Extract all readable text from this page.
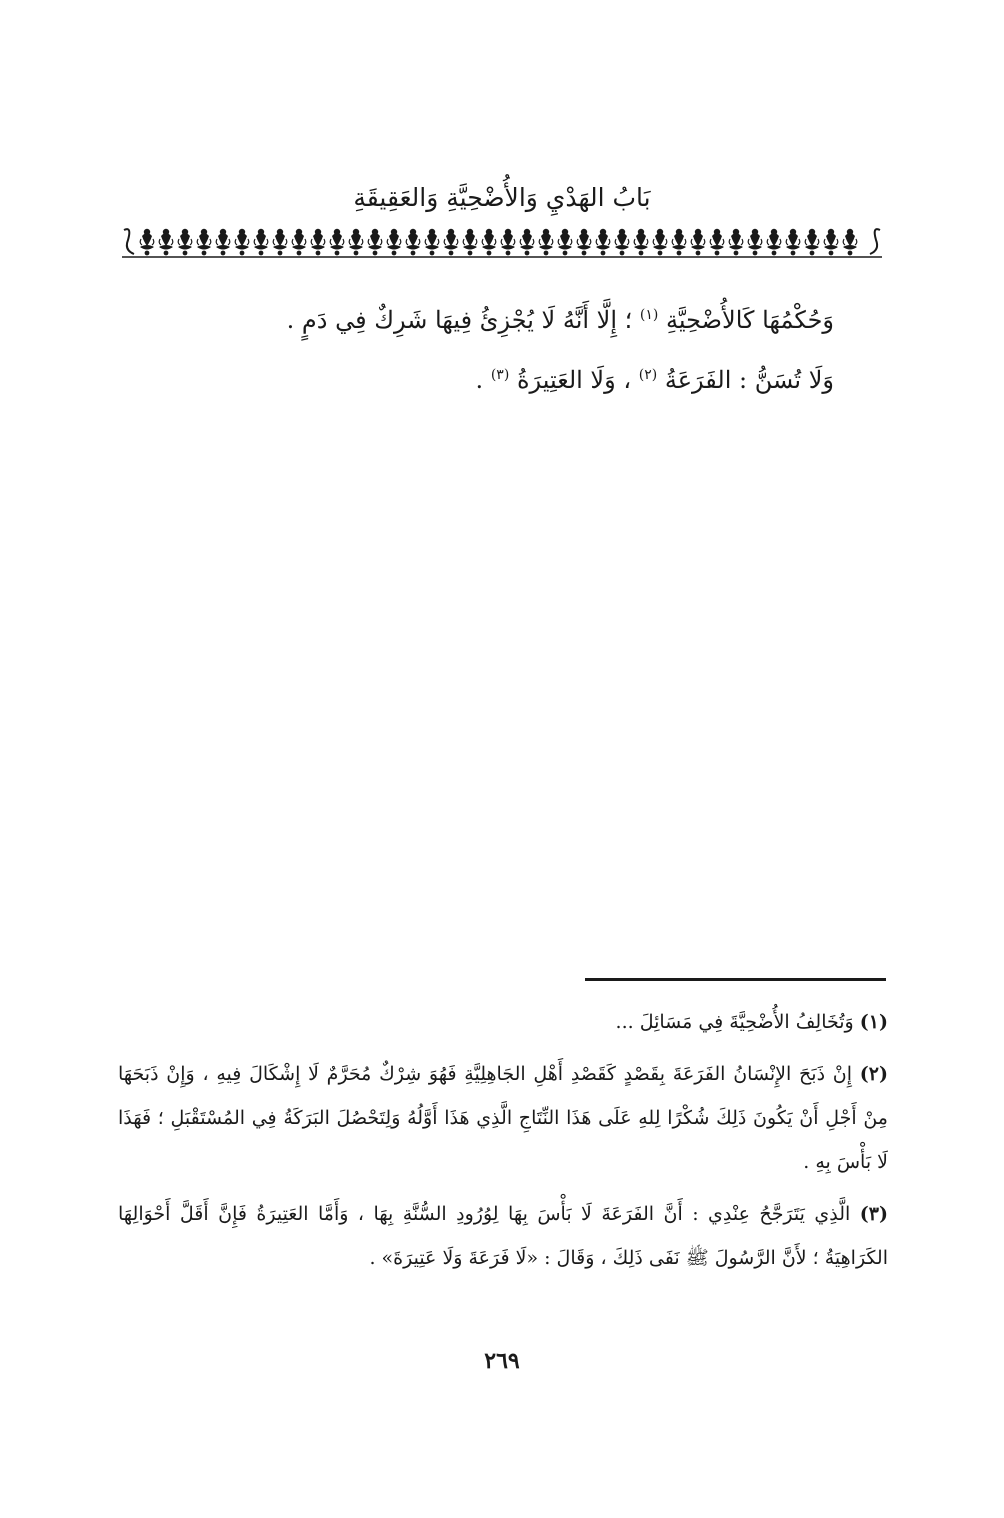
بَابُ الهَدْيِ وَالأُضْحِيَّةِ وَالعَقِيقَةِ

وَحُكْمُهَا كَالأُضْحِيَّةِ $^{(١)}$ ؛ إِلَّا أَنَّهُ لَا يُجْزِئُ فِيهَا شَرِكٌ فِي دَمٍ .

وَلَا تُسَنُّ : الفَرَعَةُ $^{(٢)}$ ، وَلَا العَتِيرَةُ $^{(٣)}$ .

(١) وَتُخَالِفُ الأُضْحِيَّةَ فِي مَسَائِلَ ...

(٢) إِنْ ذَبَحَ الإِنْسَانُ الفَرَعَةَ بِقَصْدٍ كَقَصْدِ أَهْلِ الجَاهِلِيَّةِ فَهُوَ شِرْكٌ مُحَرَّمٌ لَا إِشْكَالَ فِيهِ ، وَإِنْ ذَبَحَهَا مِنْ أَجْلِ أَنْ يَكُونَ ذَلِكَ شُكْرًا لِلهِ عَلَى هَذَا النِّتَاجِ الَّذِي هَذَا أَوَّلُهُ وَلِتَحْصُلَ البَرَكَةُ فِي المُسْتَقْبَلِ ؛ فَهَذَا لَا بَأْسَ بِهِ .

(٣) الَّذِي يَتَرَجَّحُ عِنْدِي : أَنَّ الفَرَعَةَ لَا بَأْسَ بِهَا لِوُرُودِ السُّنَّةِ بِهَا ، وَأَمَّا العَتِيرَةُ فَإِنَّ أَقَلَّ أَحْوَالِهَا الكَرَاهِيَةُ ؛ لأَنَّ الرَّسُولَ ﷺ نَفَى ذَلِكَ ، وَقَالَ : «لَا فَرَعَةَ وَلَا عَتِيرَةَ» .

٢٦٩
